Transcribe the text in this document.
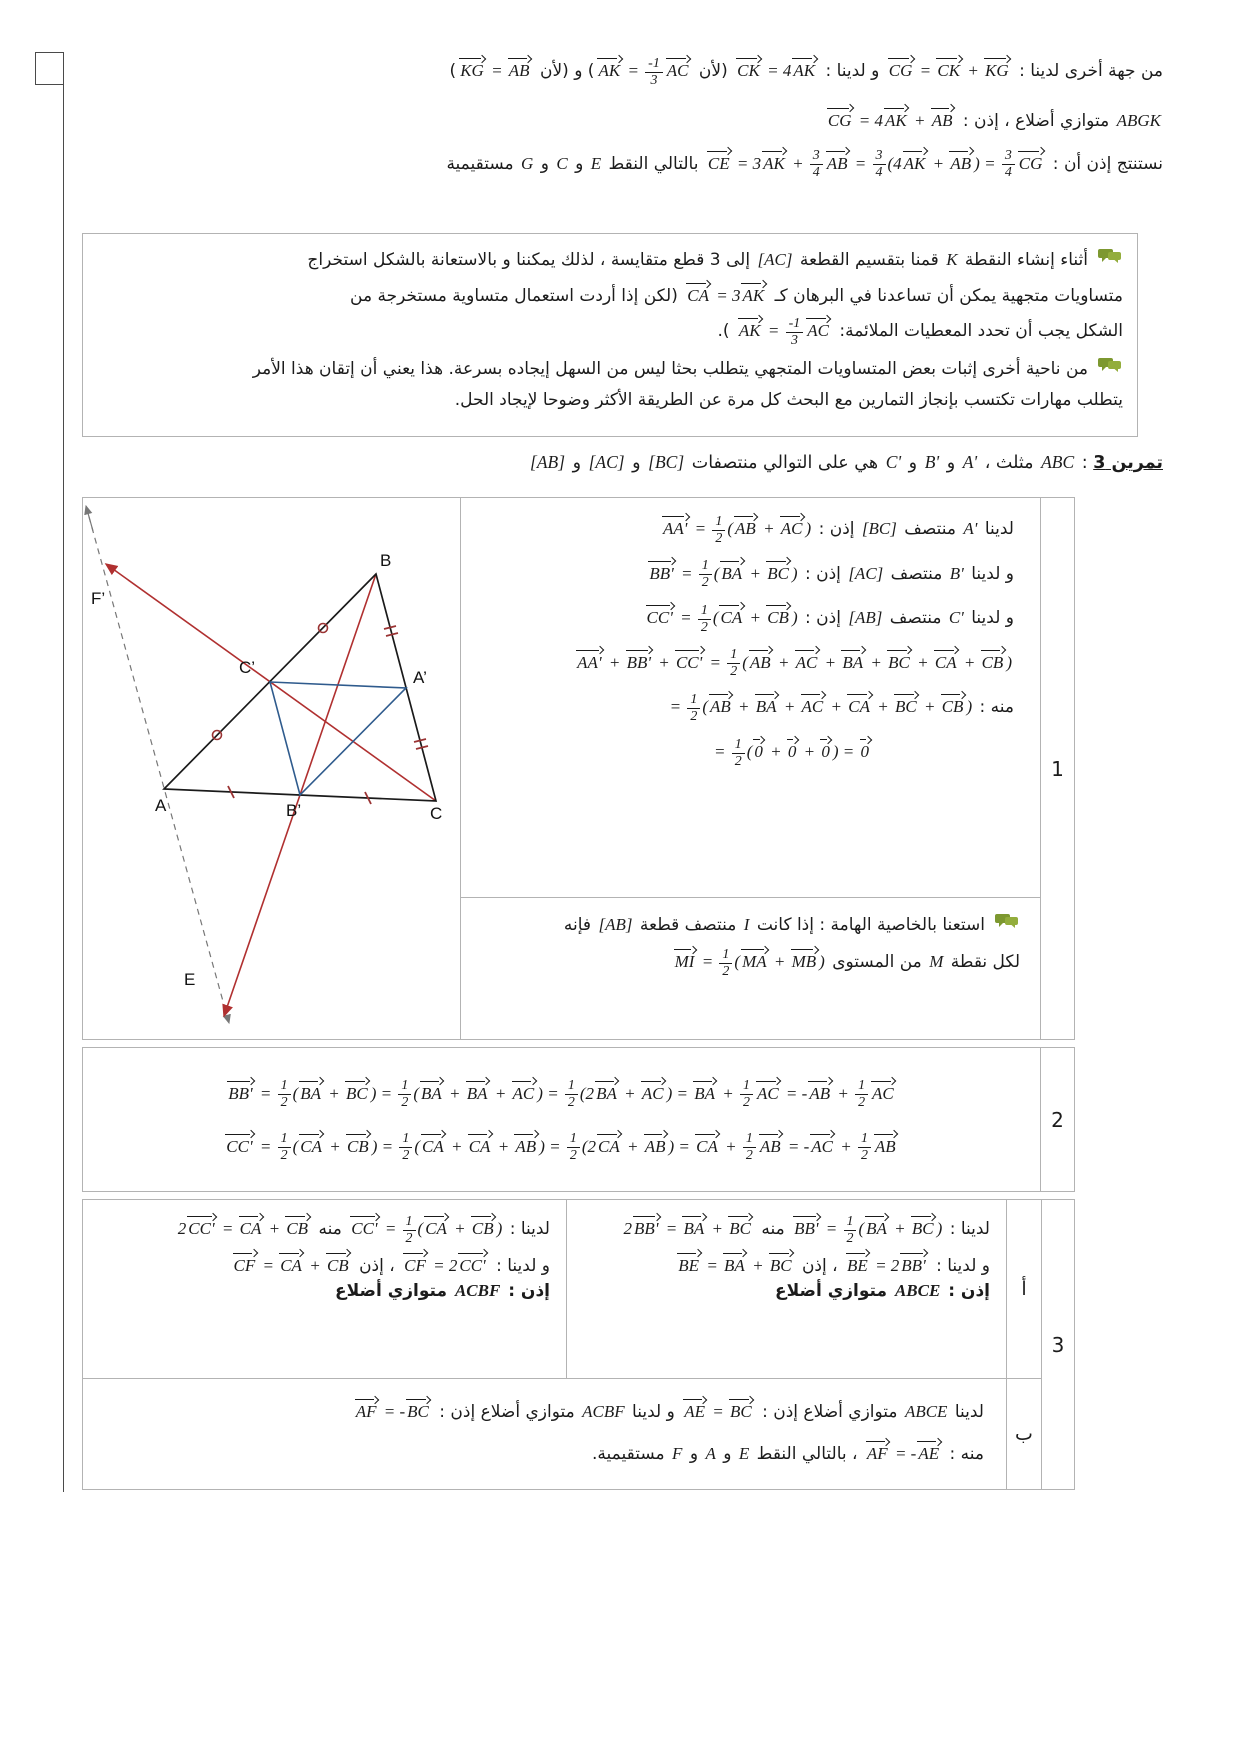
من جهة أخرى لدينا : CG = CK + KG و لدينا : CK = 4 AK (لأن AK = $\frac{-1}{3} AC$) و (لأن KG = AB)
ABGK متوازي أضلاع ، إذن : CG = 4 AK + AB
نستنتج إذن أن : CE = 3 AK + $\frac{3}{4}$ AB = $\frac{3}{4} (4$ AK + AB ) = $\frac{3}{4}$ CG بالتالي النقط E و C و G مستقيمية
أثناء إنشاء النقطة K قمنا بتقسيم القطعة [AC] إلى 3 قطع متقايسة ، لذلك يمكننا و بالاستعانة بالشكل استخراج
متساويات متجهية يمكن أن تساعدنا في البرهان كـ CA = 3 AK (لكن إذا أردت استعمال متساوية مستخرجة من
الشكل يجب أن تحدد المعطيات الملائمة: AK = $\frac{-1}{3}$ AC ).
من ناحية أخرى إثبات بعض المتساويات المتجهي يتطلب بحثا ليس من السهل إيجاده بسرعة. هذا يعني أن إتقان هذا الأمر
يتطلب مهارات تكتسب بإنجاز التمارين مع البحث كل مرة عن الطريقة الأكثر وضوحا لإيجاد الحل.
تمرين 3 : ABC مثلث ، A' و B' و C' هي على التوالي منتصفات [BC] و [AC] و [AB]
B
F’
C’
A’
A	B’	C
E
لدينا A' منتصف [BC] إذن : $AA' = \frac{1}{2}$ ( AB + AC )
و لدينا B' منتصف [AC] إذن : $BB' = \frac{1}{2}$ ( BA + BC )
و لدينا C' منتصف [AB] إذن : $CC' = \frac{1}{2}$ ( CA + CB )
$AA' + BB' + CC' = \frac{1}{2}$ ( AB + AC + BA + BC + CA + CB )
منه : = $\frac{1}{2}$ ( AB + BA + AC + CA + BC + CB )
= $\frac{1}{2}$ ( 0 + 0 + 0 ) = 0
استعنا بالخاصية الهامة : إذا كانت I منتصف قطعة [AB] فإنه
لكل نقطة M من المستوى MI = $\frac{1}{2}$ ( MA + MB )
1
$BB' = \frac{1}{2}$ ( BA + BC ) = $\frac{1}{2}$ ( BA + BA + AC ) = $\frac{1}{2} (2$ BA + AC ) = BA + $\frac{1}{2}$ AC = - AB + $\frac{1}{2}$ AC
$CC' = \frac{1}{2}$ ( CA + CB ) = $\frac{1}{2}$ ( CA + CA + AB ) = $\frac{1}{2} (2$ CA + AB ) = CA + $\frac{1}{2}$ AB = - AC + $\frac{1}{2}$ AB
2
لدينا : $BB' = \frac{1}{2}$ ( BA + BC ) منه 2 BB' = BA + BC
و لدينا : BE = 2 BB' ، إذن BE = BA + BC
إذن : ABCE متوازي أضلاع
لدينا : $CC' = \frac{1}{2}$ ( CA + CB ) منه 2 CC' = CA + CB
و لدينا : CF = 2 CC' ، إذن CF = CA + CB
إذن : ACBF متوازي أضلاع	أ
لدينا ABCE متوازي أضلاع إذن : AE = BC و لدينا ACBF متوازي أضلاع إذن : AF = - BC
منه : AF = - AE ، بالتالي النقط E و A و F مستقيمية.
ب
3
